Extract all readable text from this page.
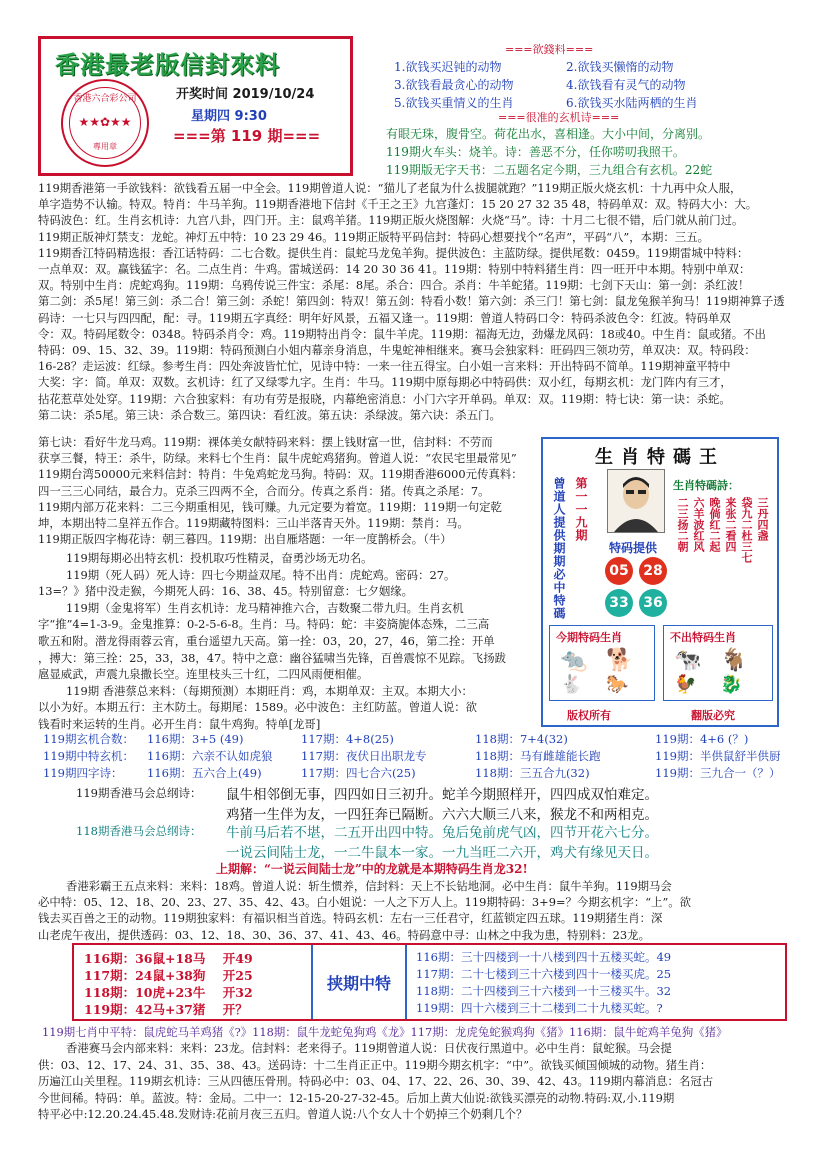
香港最老版信封來料
香港六合彩公司
★★✿★★
專用章
开奖时间 2019/10/24
星期四 9:30
===第 119 期===
===欲錢料===
1.欲钱买迟钝的动物	2.欲钱买懒惰的动物
3.欲钱看最贪心的动物	4.欲钱看有灵气的动物
5.欲钱买重情义的生肖	6.欲钱买水陆两栖的生肖
===很准的玄机诗===
有眼无珠，腹骨空。荷花出水，喜相逢。大小中间，分离别。
119期火车头：烧羊。诗：善恶不分，任你唠叨我照干。
119期版无字天书：二五题名定今期，三九组合有玄机。22蛇
119期香港第一手欲钱料：欲钱看五届一中全会。119期曾道人说：“猫儿了老鼠为什么拔腿就跑？”119期正版火烧玄机：十九再中众人服，
单字造势不认输。特双。特肖：牛马羊狗。119期香港地下信封《千王之王》九宫蓬灯：15 20 27 32 35 48，特码单双：双。特码大小：大。
特码波色：红。生肖玄机诗：九宫八卦，四门开。主：鼠鸡羊猪。119期正版火烧图解：火烧“马”。诗：十月二七很不错，后门就从前门过。
119期正版神灯禁支：龙蛇。神灯五中特：10 23 29 46。119期正版特平码信封：特码心想要找个“名声”，平码“八”，本期：三五。
119期香江特码精选报：香江话特码：二七合数。提供生肖：鼠蛇马龙兔羊狗。提供波色：主蓝防绿。提供尾数：0459。119期雷城中特料：
一点单双：双。赢钱猛字：名。二点生肖：牛鸡。雷城送码：14 20 30 36 41。119期：特别中特料猪生肖：四一旺开中本期。特别中单双：
双。特别中生肖：虎蛇鸡狗。119期：乌鸦传说三件宝：杀尾：8尾。杀合：四合。杀肖：牛羊蛇猪。119期：七剑下天山：第一剑：杀红波！
第二剑：杀5尾！第三剑：杀二合！第三剑：杀蛇！第四剑：特双！第五剑：特看小数！第六剑：杀三门！第七剑：鼠龙兔猴羊狗马！119期神算子透
码诗：一七只与四四配，配：寻。119期五字真经：明年好风景，五福又逢一。119期：曾道人特码口令：特码杀波色令：红波。特码单双
令：双。特码尾数令：0348。特码杀肖令：鸡。119期特出肖令：鼠牛羊虎。119期：福海无边，劲爆龙凤码：18或40。中生肖：鼠或猪。不出
特码：09、15、32、39。119期：特码预测白小姐内幕亲身消息，牛鬼蛇神相继来。赛马会独家料：旺码四三领功劳，单双决：双。特码段：
16-28？走运波：红绿。参考生肖：四处奔波皆忙忙，见诗中特：一来一往五得宝。白小姐一言来料：开出特码不简单。119期神童平特中
大奖：字：简。单双：双数。玄机诗：红了又绿零九字。生肖：牛马。119期中原每期必中特码供：双小红，每期玄机：龙门阵内有三才，
拈花惹草处处穿。119期：六合独家料：有功有劳是报晓，内幕绝密消息：小门六字开单码。单双：双。119期：特七诀：第一诀：杀蛇。
第二诀：杀5尾。第三诀：杀合数三。第四诀：看红波。第五诀：杀绿波。第六诀：杀五门。
第七诀：看好牛龙马鸡。119期：裸体美女献特码来料：摆上钱财富一世，信封料：不劳而
获享三餐，特王：杀牛，防绿。来料七个生肖：鼠牛虎蛇鸡猪狗。曾道人说：“农民宅里最常见”
119期台湾50000元来料信封：特肖：牛兔鸡蛇龙马狗。特码：双。119期香港6000元传真料：
四一三三心同结，最合力。克杀三四两不全，合而分。传真之系肖：猪。传真之杀尾：7。
119期内部万花来料：二三今期重相见，钱可赚。九元定要为着宽。119期：119期一句定乾
坤，本期出特二皇祥五作合。119期藏特图料：三山半落青天外。119期：禁肖：马。
119期正版四字梅花诗：朝三暮四。119期：出自雁塔题：一年一度鹊桥会。（牛）
119期每期必出特玄机：投机取巧性精灵，奋勇沙场无功名。
119期（死人码）死人诗：四七今期益双尾。特不出肖：虎蛇鸡。密码：27。
13=？》猪中没走猴，今期死人码：16、38、45。特别留意：七夕姻缘。
119期（金鬼将军）生肖玄机诗：龙马精神推六合，吉数聚二带九归。生肖玄机
字“推”4=1-3-9。金鬼推算：0-2-5-6-8。生肖：马。特码：蛇：丰姿旖旎体态殊，二三高
歌五和附。潜龙得雨蓉云宵，重台遥望九天高。第一拴：03，20，27，46，第二拴：开单
，搏大：第三拴：25，33，38，47。特中之意：幽谷猛啸当先锋，百兽震惊不见踪。飞扬跋
扈显威武，声震九泉撒长空。连里枝头三十红，二四风雨便相催。
119期 香港蔡总来料：（每期预测）本期旺肖：鸡，本期单双：主双。本期大小：
以小为好。本期五行：主木防土。每期尾：1589。必中波色：主红防蓝。曾道人说：欲
钱看时来运转的生肖。必开生肖：鼠牛鸡狗。特单[龙哥]
生肖特碼王
曾道人提供期期必中特碼 第一一九期
特码提供
05	28
33	36
生肖特碼詩：
二三扬二朝 六羊波红风 晚倘红二起 来张二看四 袋九二杜三七 三丹四盏
今期特码生肖
🐀 🐕
🐇 🐎
不出特码生肖
🐄 🐐
🐓 🐉
版权所有	翻版必究
119期玄机合数： 116期：3+5 (49)	117期：4+8(25)	118期：7+4(32)	119期：4+6 (？)
119期中特玄机： 116期：六亲不认如虎狼 117期：夜伏日出职龙专	118期：马有雌雄能长跑	119期：半供鼠舒半供厨
119期四字诗： 116期：五六合上(49)	117期：四七合六(25)	118期：三五合九(32)	119期：三九合一（？）
119期香港马会总纲诗： 鼠牛相邻倒无事，四四如日三初升。蛇羊今期照样开，四四成双怕难定。
鸡猪一生伴为友，一四狂奔已隔断。六六大顺三八来，猴龙不和两相克。
118期香港马会总纲诗： 牛前马后若不堪，二五开出四中特。兔后兔前虎气凶，四节开花六七分。
一说云间陆士龙，一二牛鼠本一家。一九当旺二六开，鸡犬有缘见天日。
上期解：“一说云间陆士龙”中的龙就是本期特码生肖龙32!
香港彩霸王五点来料：来料：18鸡。曾道人说：斩生惯养，信封料：天上不长钻地洞。必中生肖：鼠牛羊狗。119期马会
必中特：05、12、18、20、23、27、35、42、43。白小姐说：一人之下万人上。119期特码：3+9=？今期玄机字：“上”。欲
钱去买百兽之王的动物。119期独家料：有福识相当首选。特码玄机：左右一三任君守，红蓝锁定四五球。119期猪生肖：深
山老虎午夜出，提供透码：03、12、18、30、36、37、41、43、46。特码意中寻：山林之中我为患，特别料：23龙。
116期：36鼠+18马    开49
117期：24鼠+38狗    开25
118期：10虎+23牛    开32
119期：42马+37猪    开？
挟期中特
116期：三十四楼到一十八楼到四十五楼买蛇。49
117期：二十七楼到三十六楼到四十一楼买虎。25
118期：二十四楼到三十六楼到一十三楼买牛。32
119期：四十六楼到三十二楼到二十九楼买蛇。?
119期七肖中平特：鼠虎蛇马羊鸡猪《?》118期：鼠牛龙蛇兔狗鸡《龙》117期：龙虎兔蛇猴鸡狗《猪》116期：鼠牛蛇鸡羊兔狗《猪》
香港赛马会内部来料：来料：23龙。信封料：老来得子。119期曾道人说：日伏夜行黑道中。必中生肖：鼠蛇猴。马会提
供：03、12、17、24、31、35、38、43。送码诗：十二生肖正正中。119期今期玄机字：“中”。欲钱买倾国倾城的动物。猪生肖：
历遍江山关里程。119期玄机诗：三从四德压骨刑。特码必中：03、04、17、22、26、30、39、42、43。119期内幕消息：名冠古
今世间稀。特码：单。蓝波。特：金局。二中一：12-15-20-27-32-45。后加上黄大仙说:欲钱买漂亮的动物.特码:双,小.119期
特平必中:12.20.24.45.48.发财诗:花前月夜三五归。曾道人说:八个女人十个奶掉三个奶剩几个？
